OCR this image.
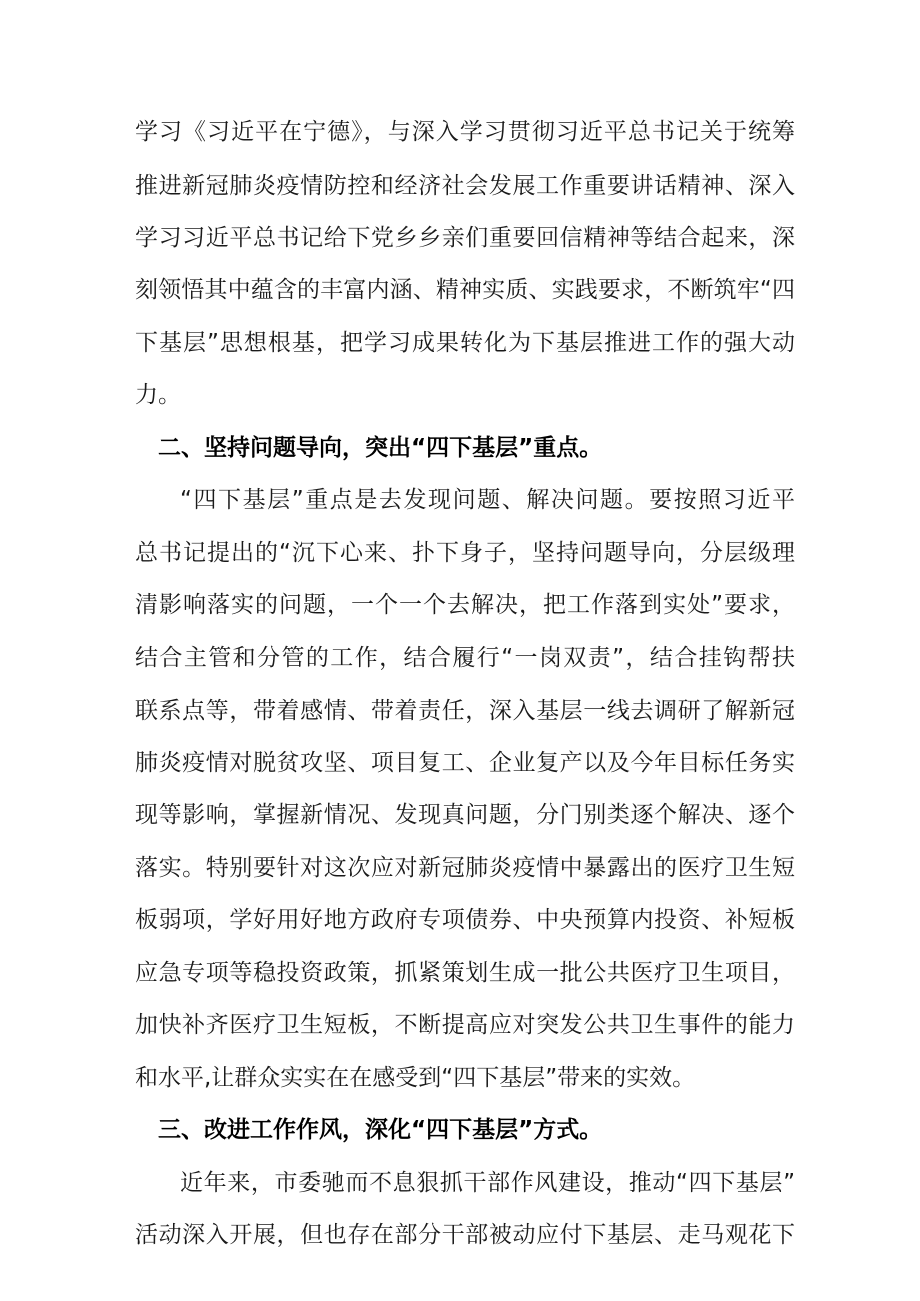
学习《习近平在宁德》，与深入学习贯彻习近平总书记关于统筹

推进新冠肺炎疫情防控和经济社会发展工作重要讲话精神、深入

学习习近平总书记给下党乡乡亲们重要回信精神等结合起来，深

刻领悟其中蕴含的丰富内涵、精神实质、实践要求，不断筑牢“四

下基层”思想根基，把学习成果转化为下基层推进工作的强大动

力。

二、坚持问题导向，突出“四下基层”重点。

“四下基层”重点是去发现问题、解决问题。要按照习近平

总书记提出的“沉下心来、扑下身子，坚持问题导向，分层级理

清影响落实的问题，一个一个去解决，把工作落到实处”要求，

结合主管和分管的工作，结合履行“一岗双责”，结合挂钩帮扶

联系点等，带着感情、带着责任，深入基层一线去调研了解新冠

肺炎疫情对脱贫攻坚、项目复工、企业复产以及今年目标任务实

现等影响，掌握新情况、发现真问题，分门别类逐个解决、逐个

落实。特别要针对这次应对新冠肺炎疫情中暴露出的医疗卫生短

板弱项，学好用好地方政府专项债券、中央预算内投资、补短板

应急专项等稳投资政策，抓紧策划生成一批公共医疗卫生项目，

加快补齐医疗卫生短板，不断提高应对突发公共卫生事件的能力

和水平,让群众实实在在感受到“四下基层”带来的实效。

三、改进工作作风，深化“四下基层”方式。

近年来，市委驰而不息狠抓干部作风建设，推动“四下基层”

活动深入开展，但也存在部分干部被动应付下基层、走马观花下
